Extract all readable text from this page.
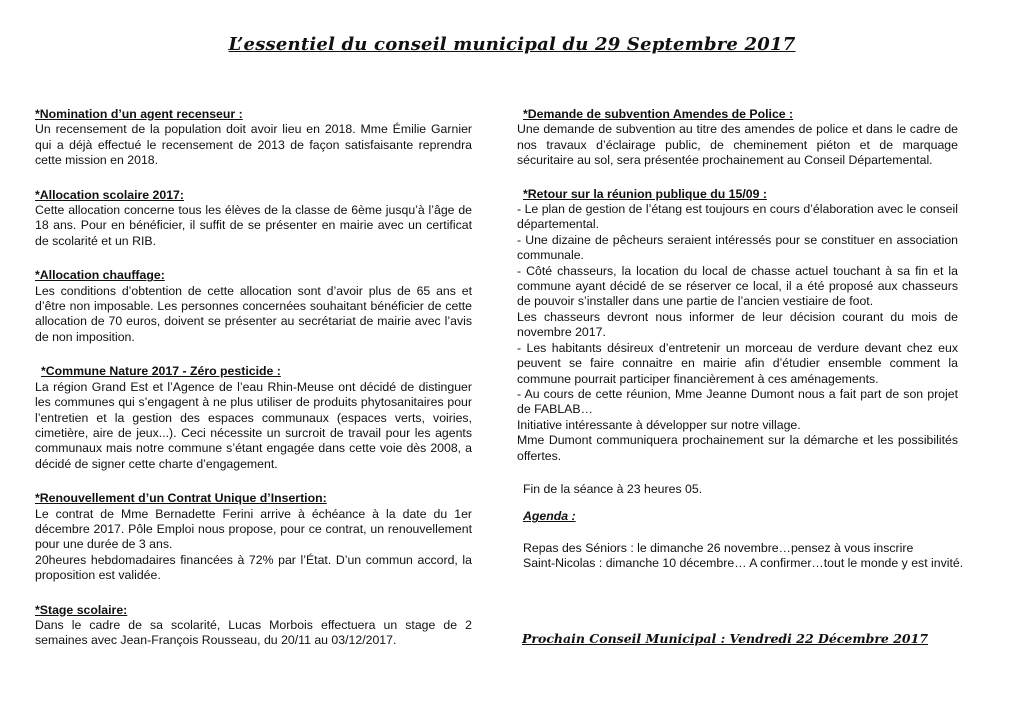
L’essentiel du conseil municipal du 29 Septembre 2017
*Nomination d’un agent recenseur :
Un recensement de la population doit avoir lieu en 2018. Mme Émilie Garnier qui a déjà effectué le recensement de 2013 de façon satisfaisante reprendra cette mission en 2018.
*Allocation scolaire 2017:
Cette allocation concerne tous les élèves de la classe de 6ème jusqu’à l’âge de 18 ans. Pour en bénéficier, il suffit de se présenter en mairie avec un certificat de scolarité et un RIB.
*Allocation chauffage:
Les conditions d’obtention de cette allocation sont d’avoir plus de 65 ans et d’être non imposable. Les personnes concernées souhaitant bénéficier de cette allocation de 70 euros, doivent se présenter au secrétariat de mairie avec l’avis de non imposition.
*Commune Nature 2017 - Zéro pesticide :
La région Grand Est et l’Agence de l’eau Rhin-Meuse ont décidé de distinguer les communes qui s’engagent à ne plus utiliser de produits phytosanitaires pour l’entretien et la gestion des espaces communaux (espaces verts, voiries, cimetière, aire de jeux...). Ceci nécessite un surcroit de travail pour les agents communaux mais notre commune s’étant engagée dans cette voie dès 2008, a décidé de signer cette charte d’engagement.
*Renouvellement d’un Contrat Unique d’Insertion:
Le contrat de Mme Bernadette Ferini arrive à échéance à la date du 1er décembre 2017. Pôle Emploi nous propose, pour ce contrat, un renouvellement pour une durée de 3 ans.
20heures hebdomadaires financées à 72% par l’État. D’un commun accord, la proposition est validée.
*Stage scolaire:
Dans le cadre de sa scolarité, Lucas Morbois effectuera un stage de 2 semaines avec Jean-François Rousseau, du 20/11 au 03/12/2017.
*Demande de subvention Amendes de Police :
Une demande de subvention au titre des amendes de police et dans le cadre de nos travaux d’éclairage public, de cheminement piéton et de marquage sécuritaire au sol, sera présentée prochainement au Conseil Départemental.
*Retour sur la réunion publique du 15/09 :
- Le plan de gestion de l’étang est toujours en cours d’élaboration avec le conseil départemental.
- Une dizaine de pêcheurs seraient intéressés pour se constituer en association communale.
- Côté chasseurs, la location du local de chasse actuel touchant à sa fin et la commune ayant décidé de se réserver ce local, il a été proposé aux chasseurs de pouvoir s’installer dans une partie de l’ancien vestiaire de foot.
Les chasseurs devront nous informer de leur décision courant du mois de novembre 2017.
- Les habitants désireux d’entretenir un morceau de verdure devant chez eux peuvent se faire connaitre en mairie afin d’étudier ensemble comment la commune pourrait participer financièrement à ces aménagements.
- Au cours de cette réunion, Mme Jeanne Dumont nous a fait part de son projet de FABLAB…
Initiative intéressante à développer sur notre village.
Mme Dumont communiquera prochainement sur la démarche et les possibilités offertes.
Fin de la séance à 23 heures 05.
Agenda :
Repas des Séniors : le dimanche 26 novembre…pensez à vous inscrire
Saint-Nicolas : dimanche 10 décembre… A confirmer…tout le monde y est invité.
Prochain Conseil Municipal : Vendredi 22 Décembre 2017
